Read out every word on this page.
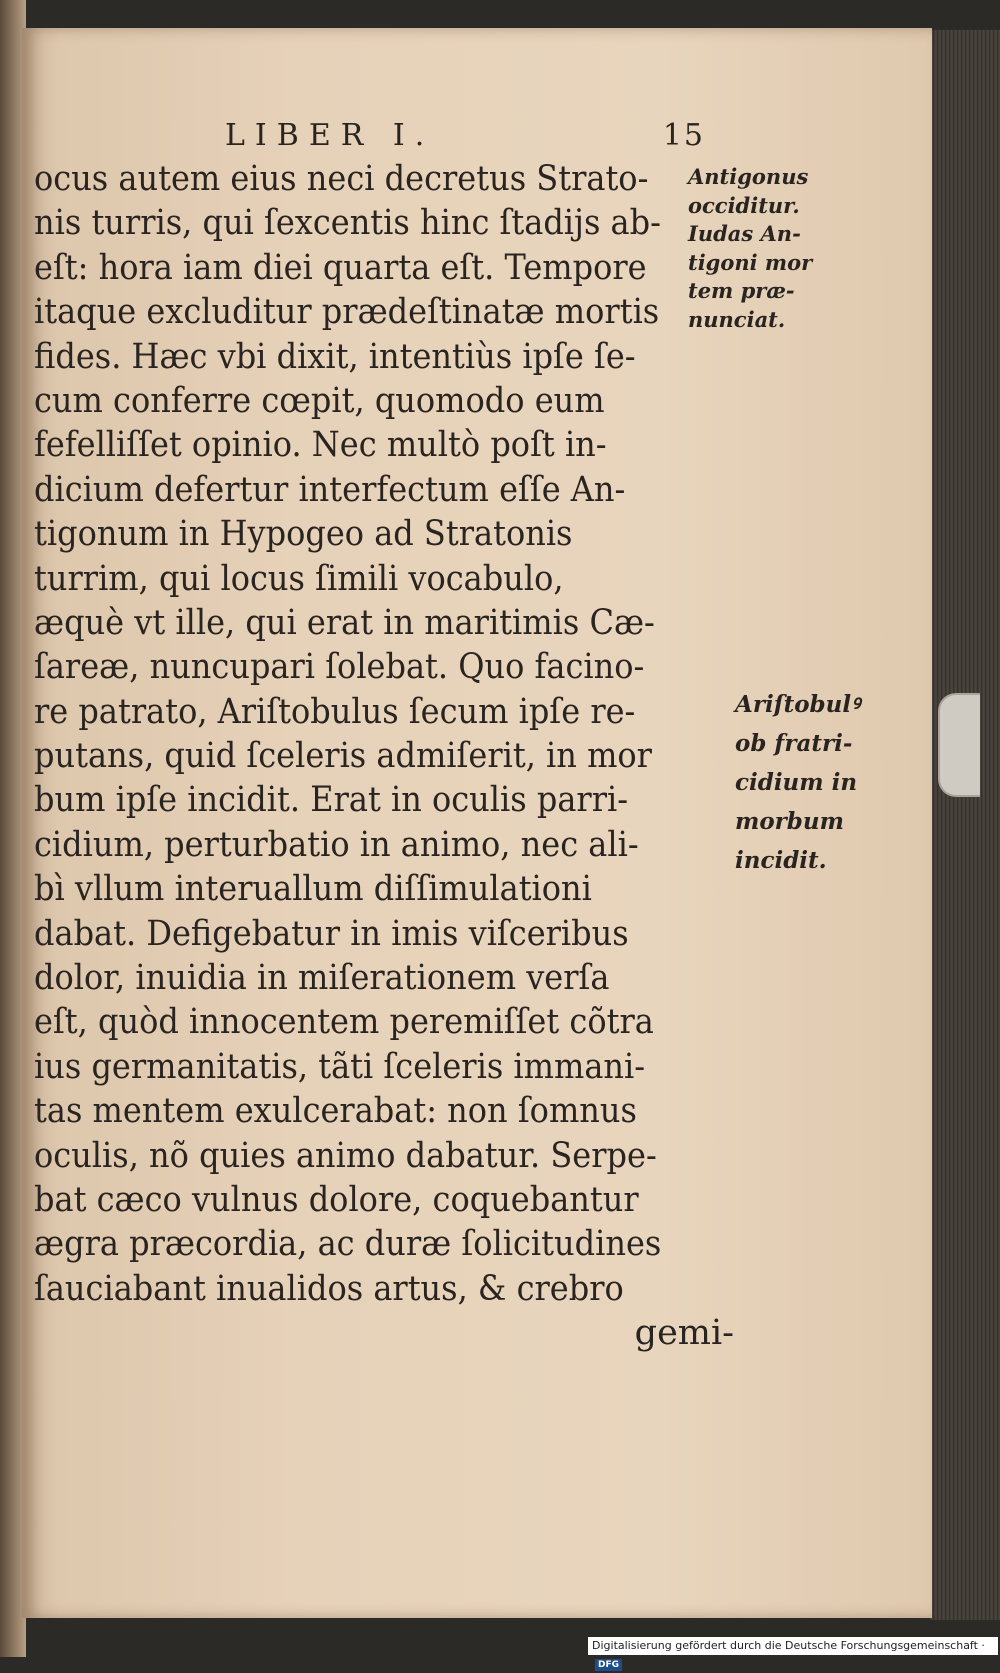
LIBER I.	15
ocus autem eius neci decretus Strato-
nis turris, qui ſexcentis hinc ſtadijs ab-
eſt: hora iam diei quarta eſt. Tempore
itaque excluditur prædeſtinatæ mortis
fides. Hæc vbi dixit, intentiùs ipſe ſe-
cum conferre cœpit, quomodo eum
fefelliſſet opinio. Nec multò poſt in-
dicium defertur interfectum eſſe An-
tigonum in Hypogeo ad Stratonis
turrim, qui locus ſimili vocabulo,
æquè vt ille, qui erat in maritimis Cæ-
ſareæ, nuncupari ſolebat. Quo facino-
re patrato, Ariſtobulus ſecum ipſe re-
putans, quid ſceleris admiſerit, in mor
bum ipſe incidit. Erat in oculis parri-
cidium, perturbatio in animo, nec ali-
bì vllum interuallum diſſimulationi
dabat. Defigebatur in imis viſceribus
dolor, inuidia in miſerationem verſa
eſt, quòd innocentem peremiſſet cõtra
ius germanitatis, tãti ſceleris immani-
tas mentem exulcerabat: non ſomnus
oculis, nõ quies animo dabatur. Serpe-
bat cæco vulnus dolore, coquebantur
ægra præcordia, ac duræ ſolicitudines
ſauciabant inualidos artus, & crebro
gemi-
Antigonus
occiditur.
Iudas An-
tigoni mor
tem præ-
nunciat.
Ariſtobulꝰ
ob fratri-
cidium in
morbum
incidit.
Digitalisierung gefördert durch die Deutsche Forschungsgemeinschaft ·DFG
